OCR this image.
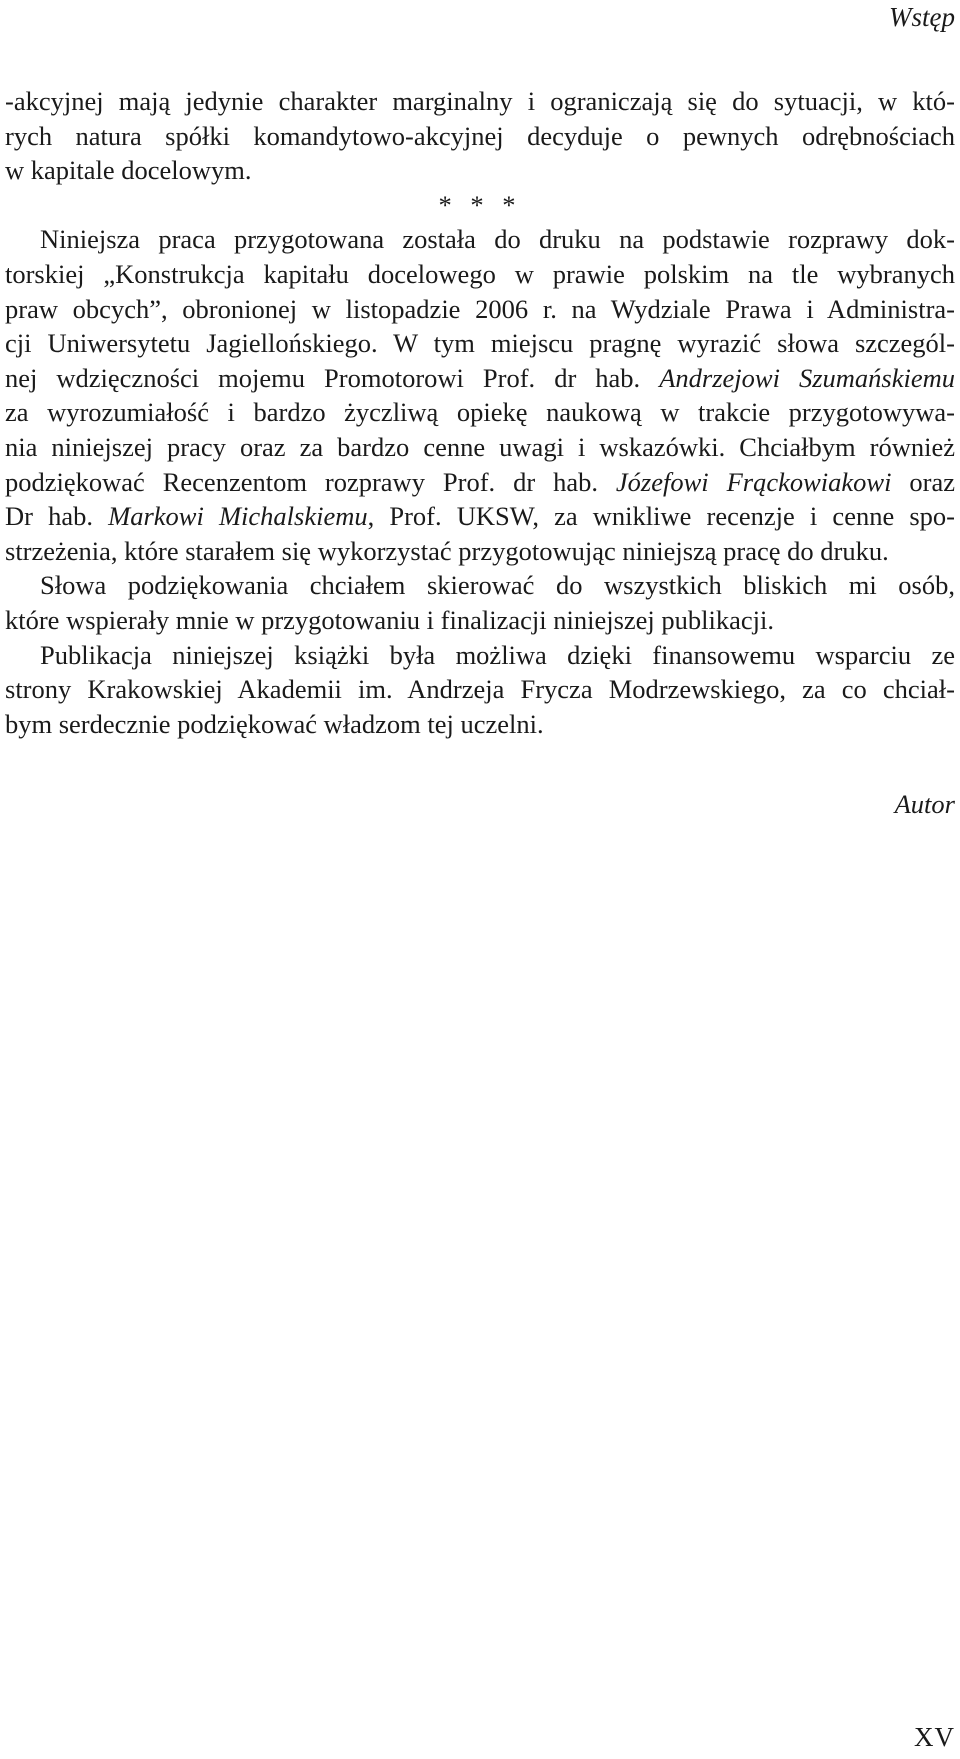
Wstęp

-akcyjnej mają jedynie charakter marginalny i ograniczają się do sytuacji, w któ-
rych natura spółki komandytowo-akcyjnej decyduje o pewnych odrębnościach
w kapitale docelowym.

* * *

Niniejsza praca przygotowana została do druku na podstawie rozprawy dok-
torskiej „Konstrukcja kapitału docelowego w prawie polskim na tle wybranych
praw obcych”, obronionej w listopadzie 2006 r. na Wydziale Prawa i Administra-
cji Uniwersytetu Jagiellońskiego. W tym miejscu pragnę wyrazić słowa szczegól-
nej wdzięczności mojemu Promotorowi Prof. dr hab. Andrzejowi Szumańskiemu
za wyrozumiałość i bardzo życzliwą opiekę naukową w trakcie przygotowywa-
nia niniejszej pracy oraz za bardzo cenne uwagi i wskazówki. Chciałbym również
podziękować Recenzentom rozprawy Prof. dr hab. Józefowi Frąckowiakowi oraz
Dr hab. Markowi Michalskiemu, Prof. UKSW, za wnikliwe recenzje i cenne spo-
strzeżenia, które starałem się wykorzystać przygotowując niniejszą pracę do druku.

Słowa podziękowania chciałem skierować do wszystkich bliskich mi osób,
które wspierały mnie w przygotowaniu i finalizacji niniejszej publikacji.

Publikacja niniejszej książki była możliwa dzięki finansowemu wsparciu ze
strony Krakowskiej Akademii im. Andrzeja Frycza Modrzewskiego, za co chciał-
bym serdecznie podziękować władzom tej uczelni.

Autor
XV
